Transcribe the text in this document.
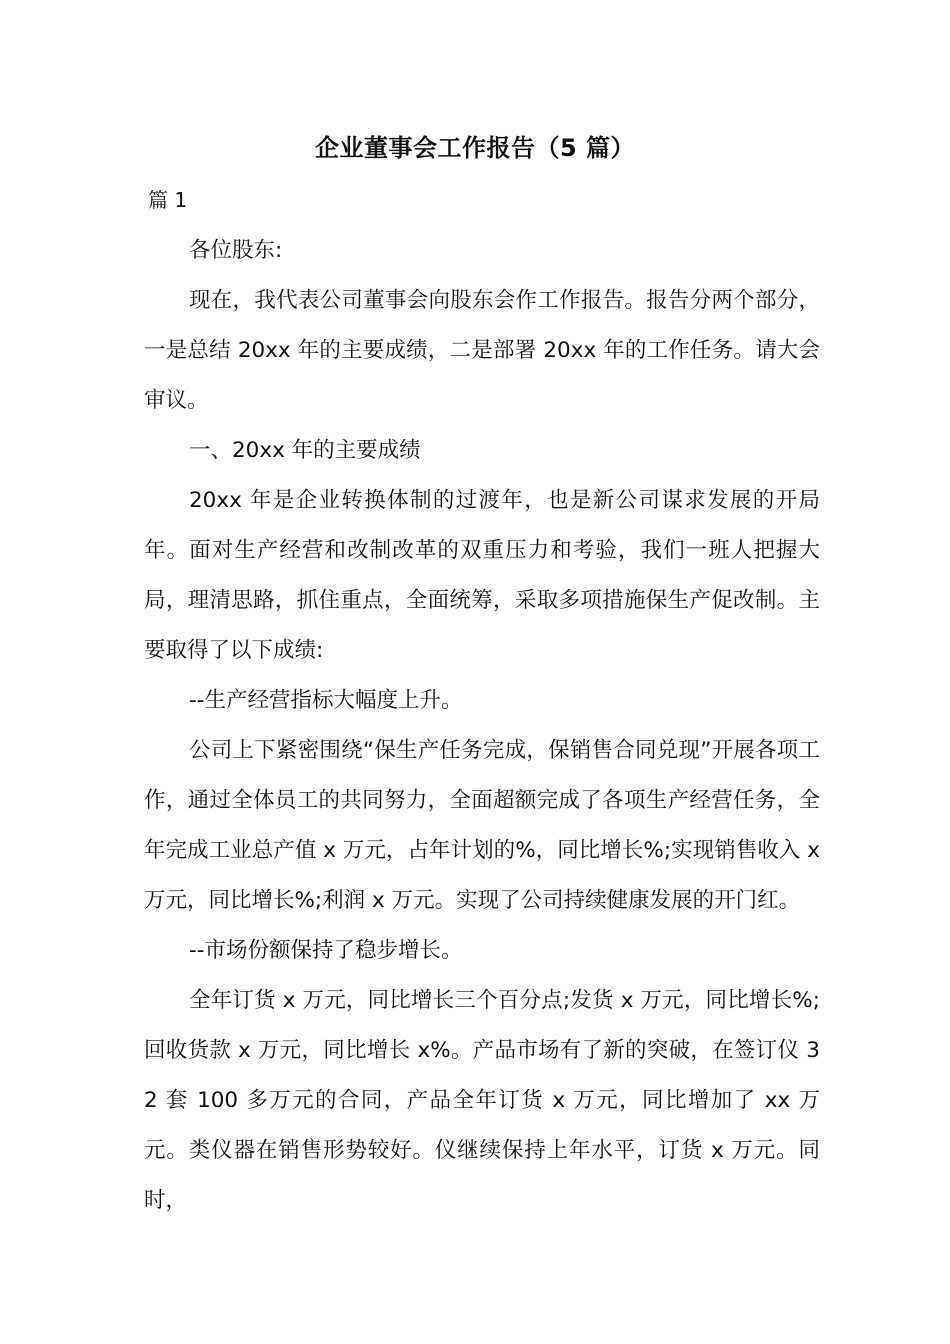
企业董事会工作报告（5 篇）
篇 1

各位股东:

现在，我代表公司董事会向股东会作工作报告。报告分两个部分，一是总结 20xx 年的主要成绩，二是部署 20xx 年的工作任务。请大会审议。

一、20xx 年的主要成绩

20xx 年是企业转换体制的过渡年，也是新公司谋求发展的开局年。面对生产经营和改制改革的双重压力和考验，我们一班人把握大局，理清思路，抓住重点，全面统筹，采取多项措施保生产促改制。主要取得了以下成绩:

--生产经营指标大幅度上升。

公司上下紧密围绕“保生产任务完成，保销售合同兑现”开展各项工作，通过全体员工的共同努力，全面超额完成了各项生产经营任务，全年完成工业总产值 x 万元，占年计划的%，同比增长%;实现销售收入 x 万元，同比增长%;利润 x 万元。实现了公司持续健康发展的开门红。

--市场份额保持了稳步增长。

全年订货 x 万元，同比增长三个百分点;发货 x 万元，同比增长%;回收货款 x 万元，同比增长 x%。产品市场有了新的突破，在签订仪 32 套 100 多万元的合同，产品全年订货 x 万元，同比增加了 xx 万元。类仪器在销售形势较好。仪继续保持上年水平，订货 x 万元。同时，
